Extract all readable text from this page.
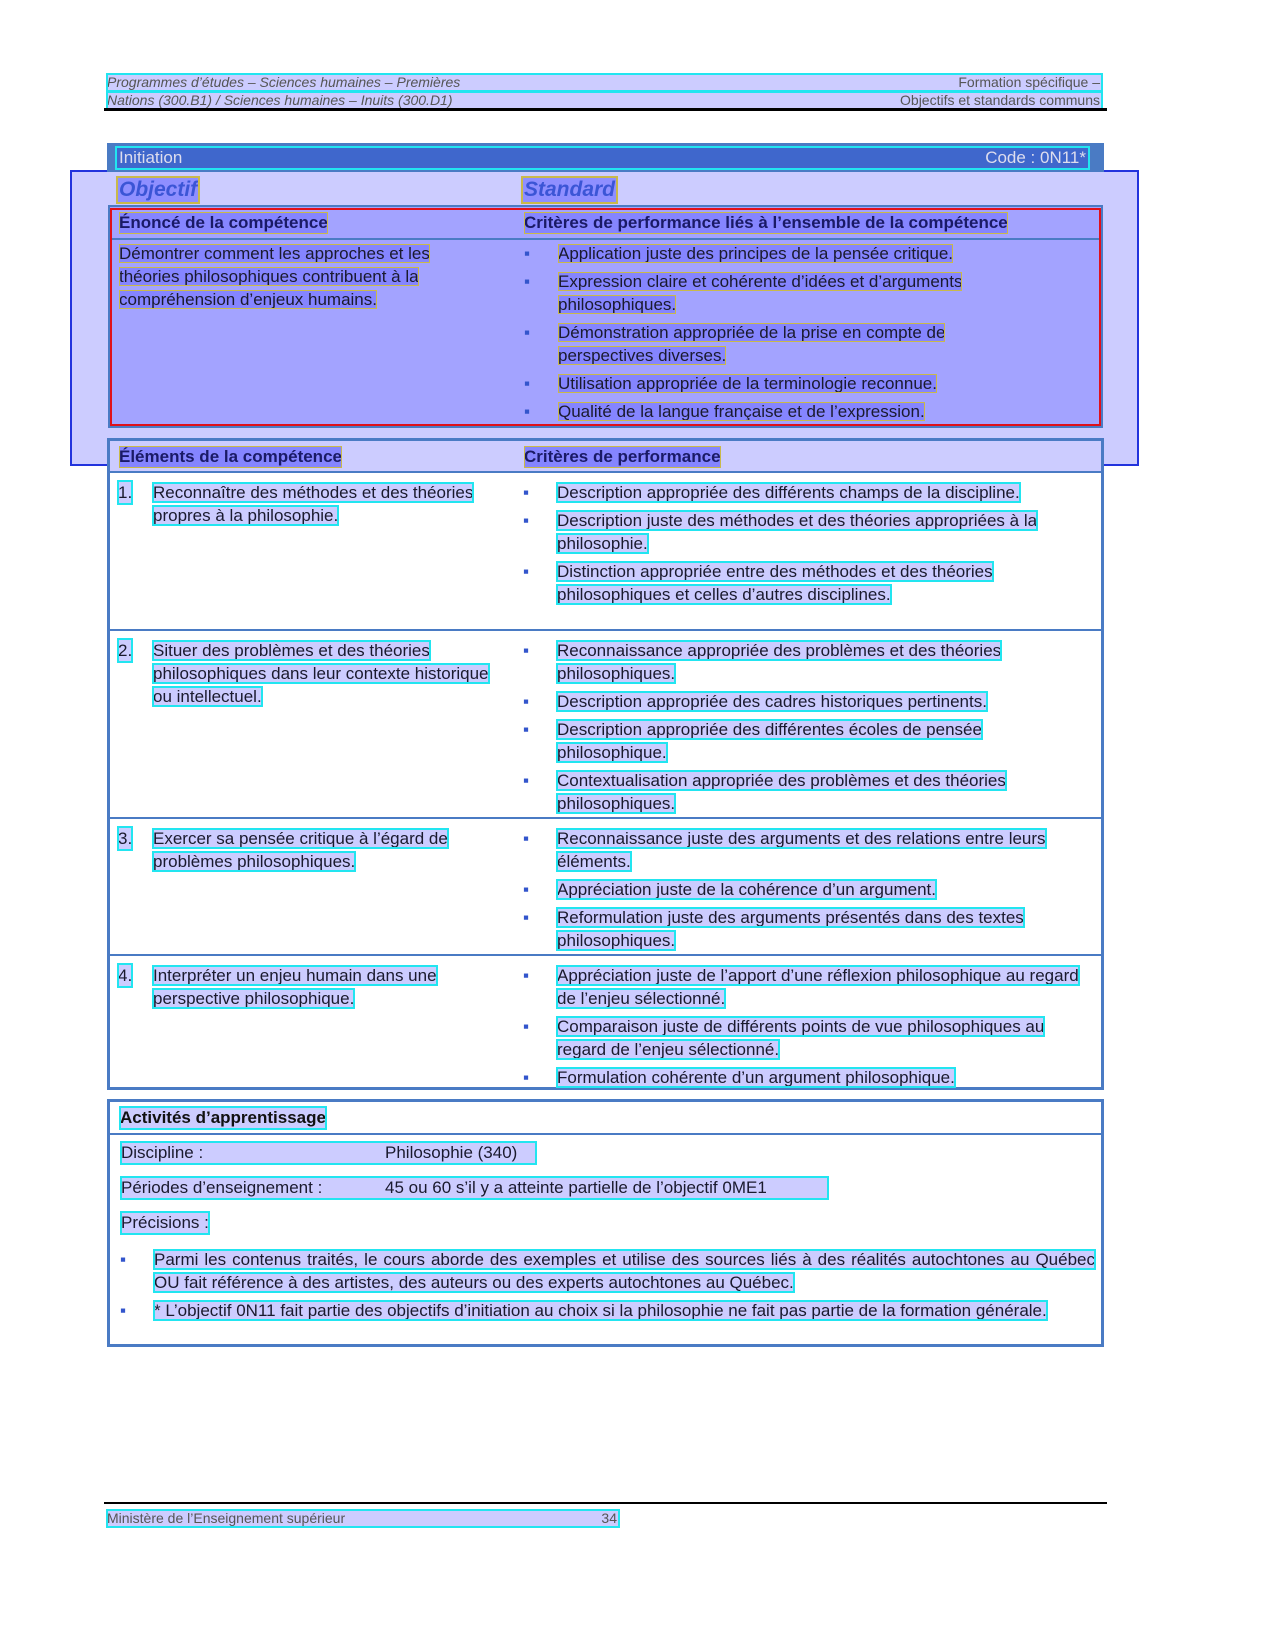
Programmes d’études – Sciences humaines – Premières	Formation spécifique –
Nations (300.B1) / Sciences humaines – Inuits (300.D1)	Objectifs et standards communs
Initiation	Code : 0N11*
Objectif	Standard
Énoncé de la compétence	Critères de performance liés à l’ensemble de la compétence
Démontrer comment les approches et les
théories philosophiques contribuent à la
compréhension d’enjeux humains.
▪	Application juste des principes de la pensée critique.
▪	Expression claire et cohérente d’idées et d’arguments
philosophiques.
▪	Démonstration appropriée de la prise en compte de
perspectives diverses.
▪	Utilisation appropriée de la terminologie reconnue.
▪	Qualité de la langue française et de l’expression.
Éléments de la compétence	Critères de performance
1. Reconnaître des méthodes et des théories propres à la philosophie.
▪	Description appropriée des différents champs de la discipline.
▪	Description juste des méthodes et des théories appropriées à la philosophie.
▪	Distinction appropriée entre des méthodes et des théories philosophiques et celles d’autres disciplines.
2. Situer des problèmes et des théories philosophiques dans leur contexte historique ou intellectuel.
▪	Reconnaissance appropriée des problèmes et des théories philosophiques.
▪	Description appropriée des cadres historiques pertinents.
▪	Description appropriée des différentes écoles de pensée philosophique.
▪	Contextualisation appropriée des problèmes et des théories philosophiques.
3. Exercer sa pensée critique à l’égard de problèmes philosophiques.
▪	Reconnaissance juste des arguments et des relations entre leurs éléments.
▪	Appréciation juste de la cohérence d’un argument.
▪	Reformulation juste des arguments présentés dans des textes philosophiques.
4. Interpréter un enjeu humain dans une perspective philosophique.
▪	Appréciation juste de l’apport d’une réflexion philosophique au regard de l’enjeu sélectionné.
▪	Comparaison juste de différents points de vue philosophiques au regard de l’enjeu sélectionné.
▪	Formulation cohérente d’un argument philosophique.
Activités d’apprentissage
Discipline :	Philosophie (340)
Périodes d’enseignement :	45 ou 60 s’il y a atteinte partielle de l’objectif 0ME1
Précisions :
▪	Parmi les contenus traités, le cours aborde des exemples et utilise des sources liés à des réalités autochtones au Québec OU fait référence à des artistes, des auteurs ou des experts autochtones au Québec.
▪	* L’objectif 0N11 fait partie des objectifs d’initiation au choix si la philosophie ne fait pas partie de la formation générale.
Ministère de l’Enseignement supérieur	34
